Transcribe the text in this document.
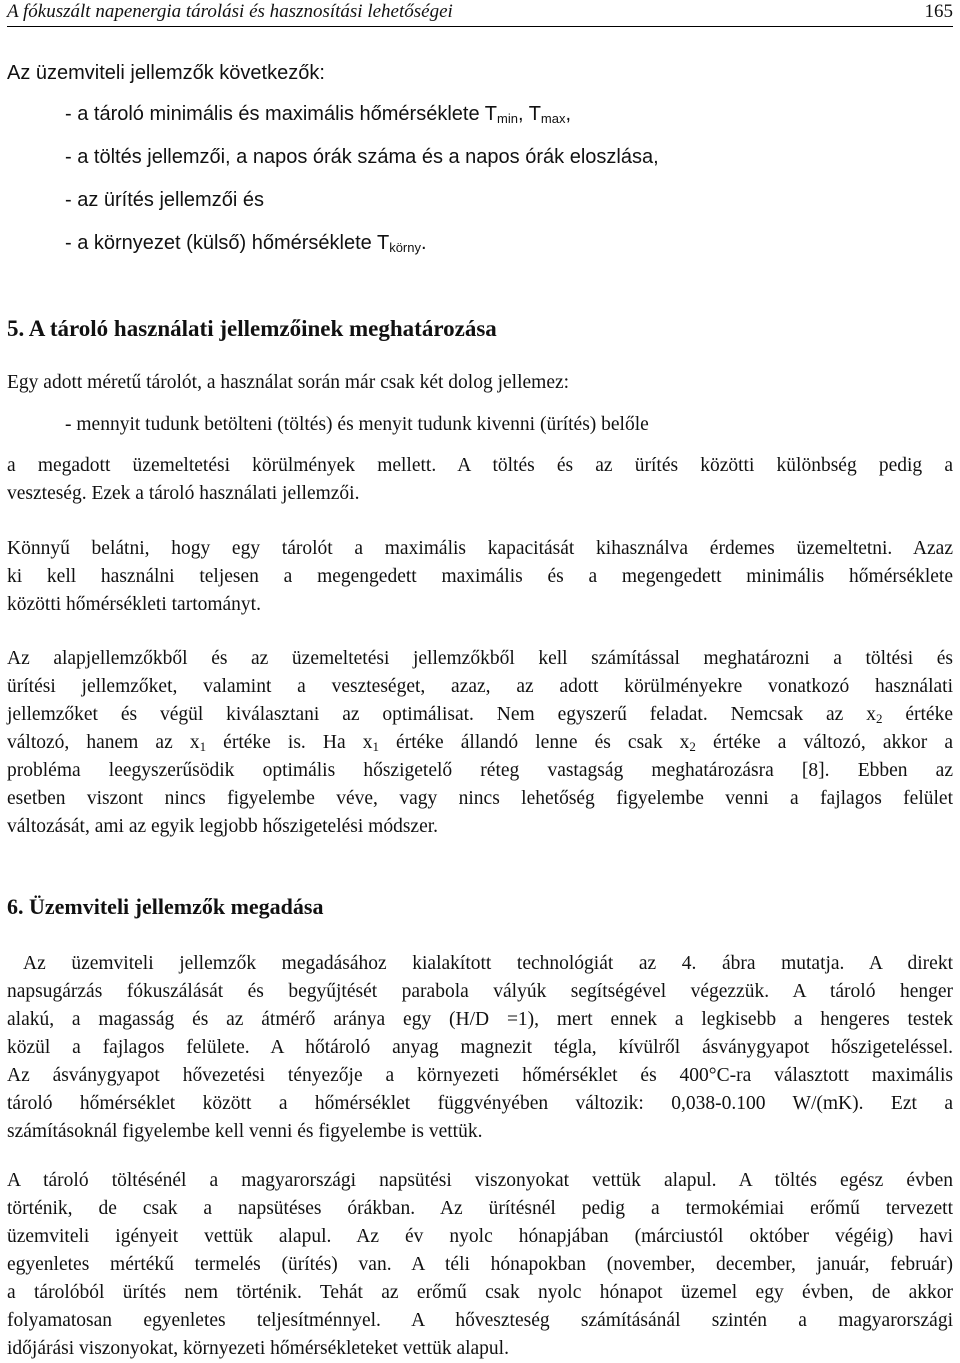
A fókuszált napenergia tárolási és hasznosítási lehetőségei	165
Az üzemviteli jellemzők következők:
- a tároló minimális és maximális hőmérséklete $T_{min}$, $T_{max}$,
- a töltés jellemzői, a napos órák száma és a napos órák eloszlása,
- az ürítés jellemzői és
- a környezet (külső) hőmérséklete $T_{körny}$.
5. A tároló használati jellemzőinek meghatározása
Egy adott méretű tárolót, a használat során már csak két dolog jellemez:
- mennyit tudunk betölteni (töltés) és menyit tudunk kivenni (ürítés) belőle
a megadott üzemeltetési körülmények mellett. A töltés és az ürítés közötti különbség pedig a
veszteség. Ezek a tároló használati jellemzői.
Könnyű belátni, hogy egy tárolót a maximális kapacitását kihasználva érdemes üzemeltetni. Azaz
ki kell használni teljesen a megengedett maximális és a megengedett minimális hőmérséklete
közötti hőmérsékleti tartományt.
Az alapjellemzőkből és az üzemeltetési jellemzőkből kell számítással meghatározni a töltési és
ürítési jellemzőket, valamint a veszteséget, azaz, az adott körülményekre vonatkozó használati
jellemzőket és végül kiválasztani az optimálisat. Nem egyszerű feladat. Nemcsak az $x_2$ értéke
változó, hanem az $x_1$ értéke is. Ha $x_1$ értéke állandó lenne és csak $x_2$ értéke a változó, akkor a
probléma leegyszerűsödik optimális hőszigetelő réteg vastagság meghatározásra [8]. Ebben az
esetben viszont nincs figyelembe véve, vagy nincs lehetőség figyelembe venni a fajlagos felület
változását, ami az egyik legjobb hőszigetelési módszer.
6. Üzemviteli jellemzők megadása
Az üzemviteli jellemzők megadásához kialakított technológiát az 4. ábra mutatja. A direkt
napsugárzás fókuszálását és begyűjtését parabola vályúk segítségével végezzük. A tároló henger
alakú, a magasság és az átmérő aránya egy (H/D =1), mert ennek a legkisebb a hengeres testek
közül a fajlagos felülete. A hőtároló anyag magnezit tégla, kívülről ásványgyapot hőszigeteléssel.
Az ásványgyapot hővezetési tényezője a környezeti hőmérséklet és 400°C-ra választott maximális
tároló hőmérséklet között a hőmérséklet függvényében változik: 0,038-0.100 W/(mK). Ezt a
számításoknál figyelembe kell venni és figyelembe is vettük.
A tároló töltésénél a magyarországi napsütési viszonyokat vettük alapul. A töltés egész évben
történik, de csak a napsütéses órákban. Az ürítésnél pedig a termokémiai erőmű tervezett
üzemviteli igényeit vettük alapul. Az év nyolc hónapjában (márciustól október végéig) havi
egyenletes mértékű termelés (ürítés) van. A téli hónapokban (november, december, január, február)
a tárolóból ürítés nem történik. Tehát az erőmű csak nyolc hónapot üzemel egy évben, de akkor
folyamatosan egyenletes teljesítménnyel. A hőveszteség számításánál szintén a magyarországi
időjárási viszonyokat, környezeti hőmérsékleteket vettük alapul.
